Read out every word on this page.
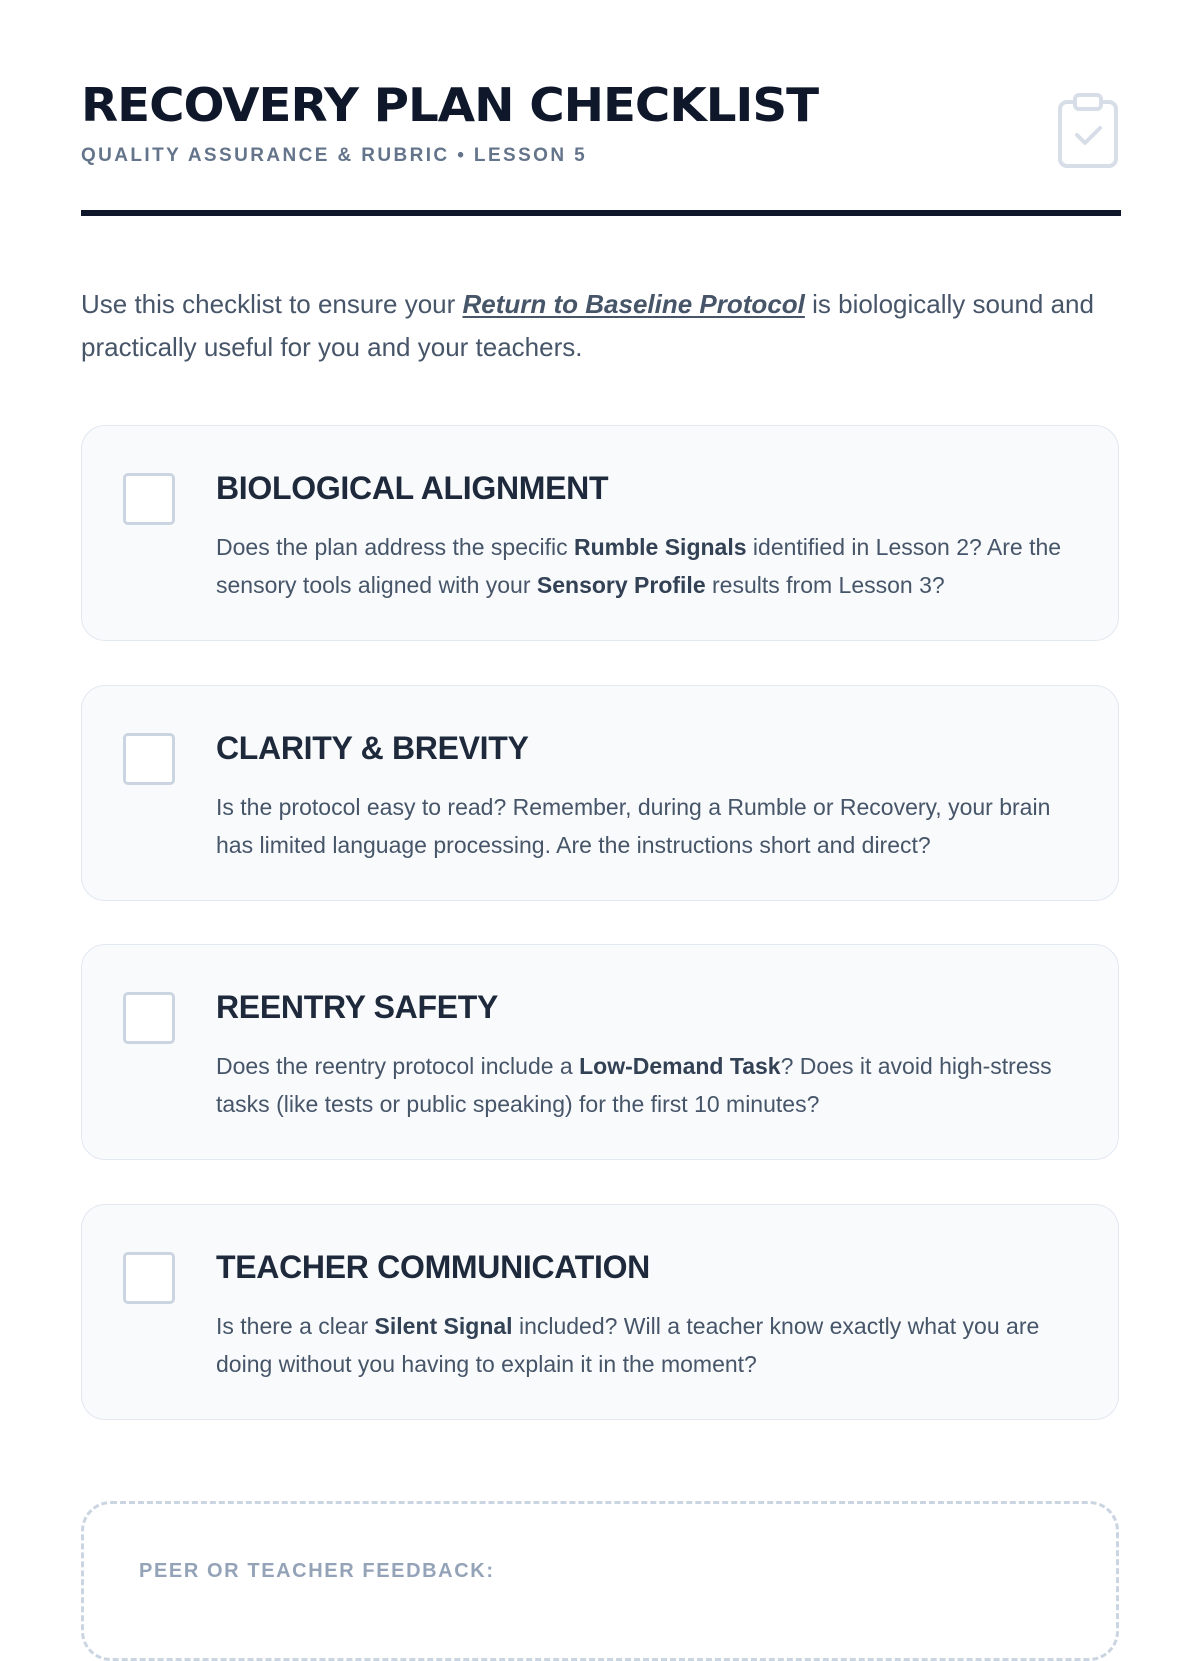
RECOVERY PLAN CHECKLIST
QUALITY ASSURANCE & RUBRIC • LESSON 5

Use this checklist to ensure your Return to Baseline Protocol is biologically sound and practically useful for you and your teachers.

BIOLOGICAL ALIGNMENT

Does the plan address the specific Rumble Signals identified in Lesson 2? Are the sensory tools aligned with your Sensory Profile results from Lesson 3?

CLARITY & BREVITY

Is the protocol easy to read? Remember, during a Rumble or Recovery, your brain has limited language processing. Are the instructions short and direct?

REENTRY SAFETY

Does the reentry protocol include a Low-Demand Task? Does it avoid high-stress tasks (like tests or public speaking) for the first 10 minutes?

TEACHER COMMUNICATION

Is there a clear Silent Signal included? Will a teacher know exactly what you are doing without you having to explain it in the moment?

PEER OR TEACHER FEEDBACK:
